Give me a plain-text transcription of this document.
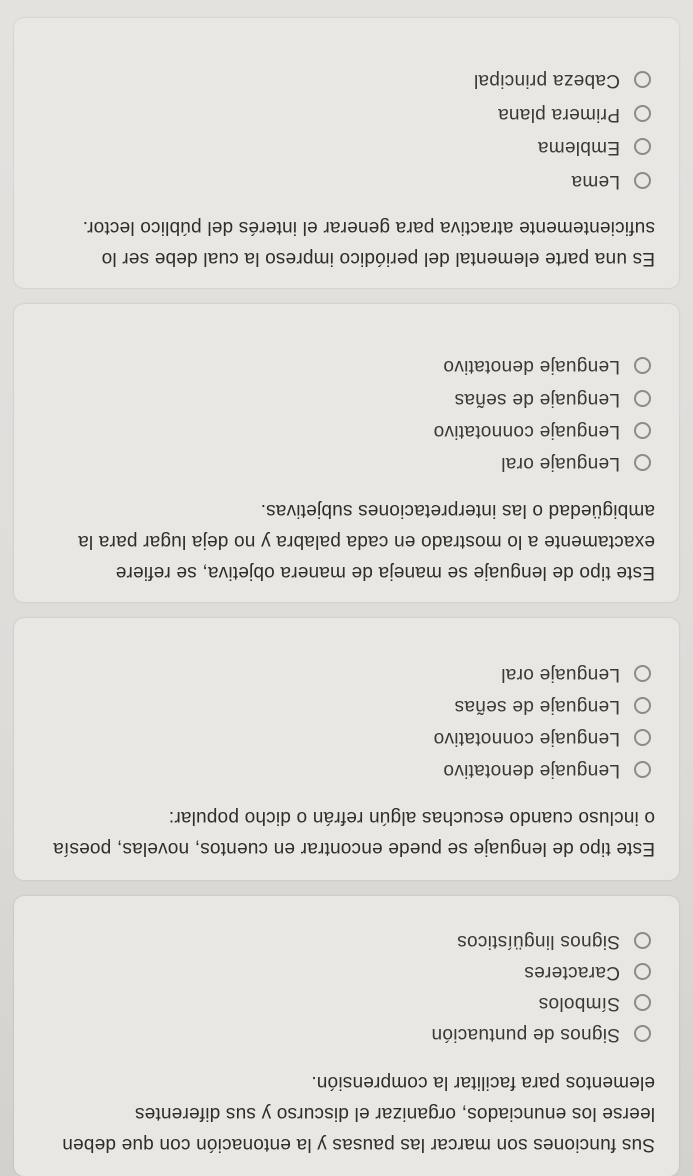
Sus funciones son marcar las pausas y la entonación con que deben leerse los enunciados, organizar el discurso y sus diferentes elementos para facilitar la comprensión.
Signos de puntuación
Símbolos
Caracteres
Signos lingüísticos
Este tipo de lenguaje se puede encontrar en cuentos, novelas, poesía o incluso cuando escuchas algún refrán o dicho popular:
Lenguaje denotativo
Lenguaje connotativo
Lenguaje de señas
Lenguaje oral
Este tipo de lenguaje se maneja de manera objetiva, se refiere exactamente a lo mostrado en cada palabra y no deja lugar para la ambigüedad o las interpretaciones subjetivas.
Lenguaje oral
Lenguaje connotativo
Lenguaje de señas
Lenguaje denotativo
Es una parte elemental del periódico impreso la cual debe ser lo suficientemente atractiva para generar el interés del público lector.
Lema
Emblema
Primera plana
Cabeza principal
